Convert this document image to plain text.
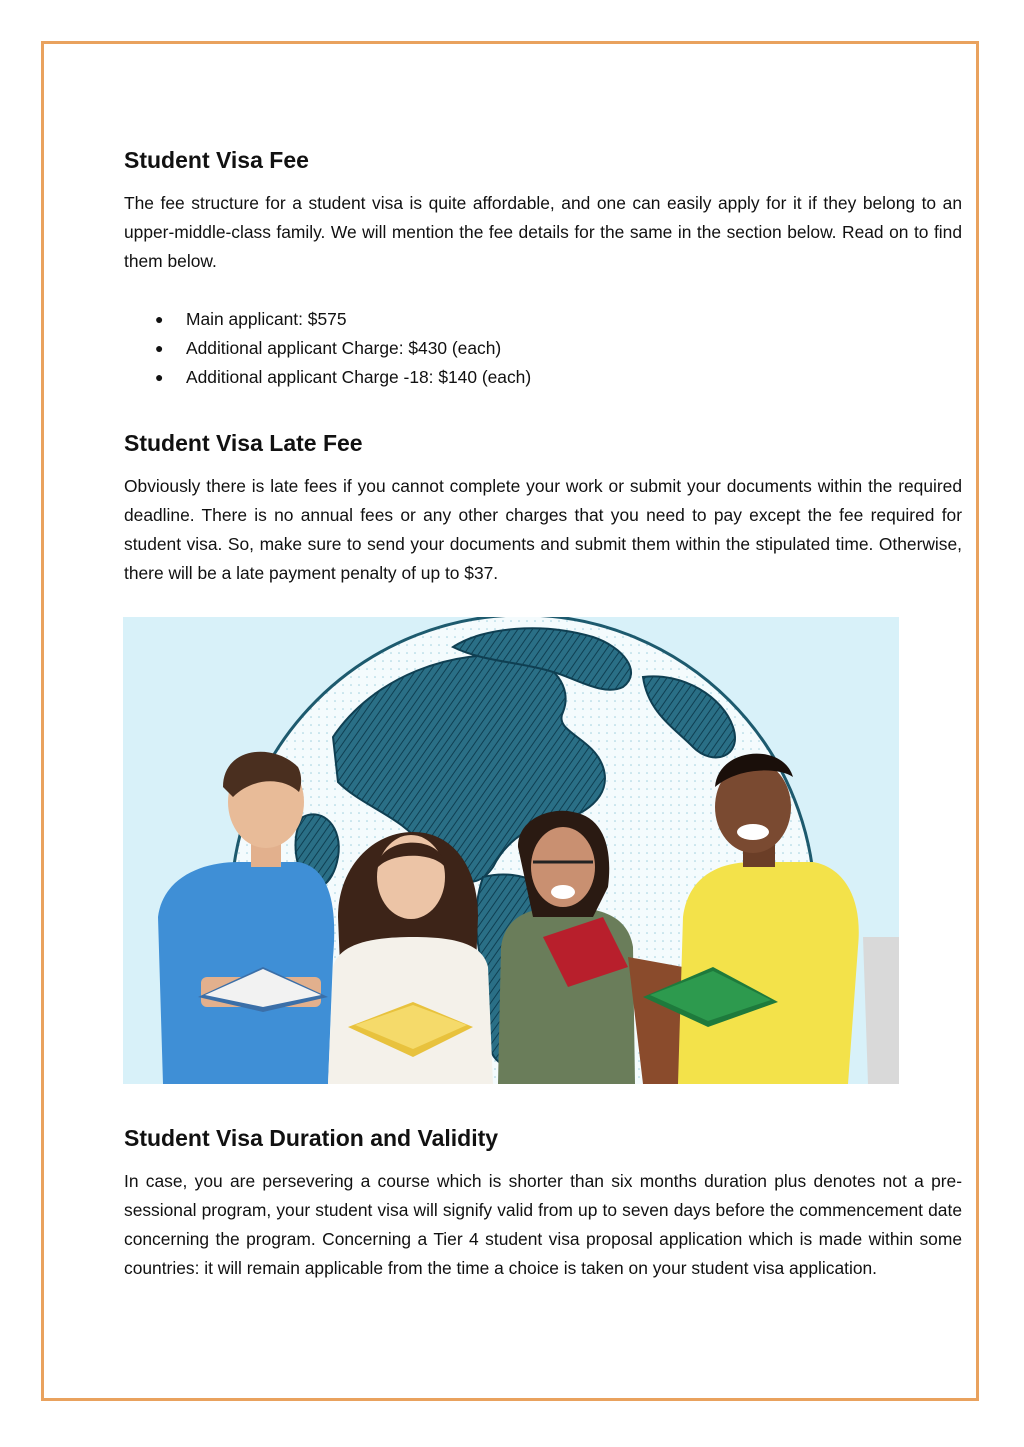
Student Visa Fee

The fee structure for a student visa is quite affordable, and one can easily apply for it if they belong to an upper-middle-class family. We will mention the fee details for the same in the section below. Read on to find them below.

● Main applicant: $575
● Additional applicant Charge: $430 (each)
● Additional applicant Charge -18: $140 (each)
Student Visa Late Fee

Obviously there is late fees if you cannot complete your work or submit your documents within the required deadline. There is no annual fees or any other charges that you need to pay except the fee required for student visa. So, make sure to send your documents and submit them within the stipulated time. Otherwise, there will be a late payment penalty of up to $37.

Student Visa Duration and Validity

In case, you are persevering a course which is shorter than six months duration plus denotes not a pre-sessional program, your student visa will signify valid from up to seven days before the commencement date concerning the program. Concerning a Tier 4 student visa proposal application which is made within some countries: it will remain applicable from the time a choice is taken on your student visa application.
